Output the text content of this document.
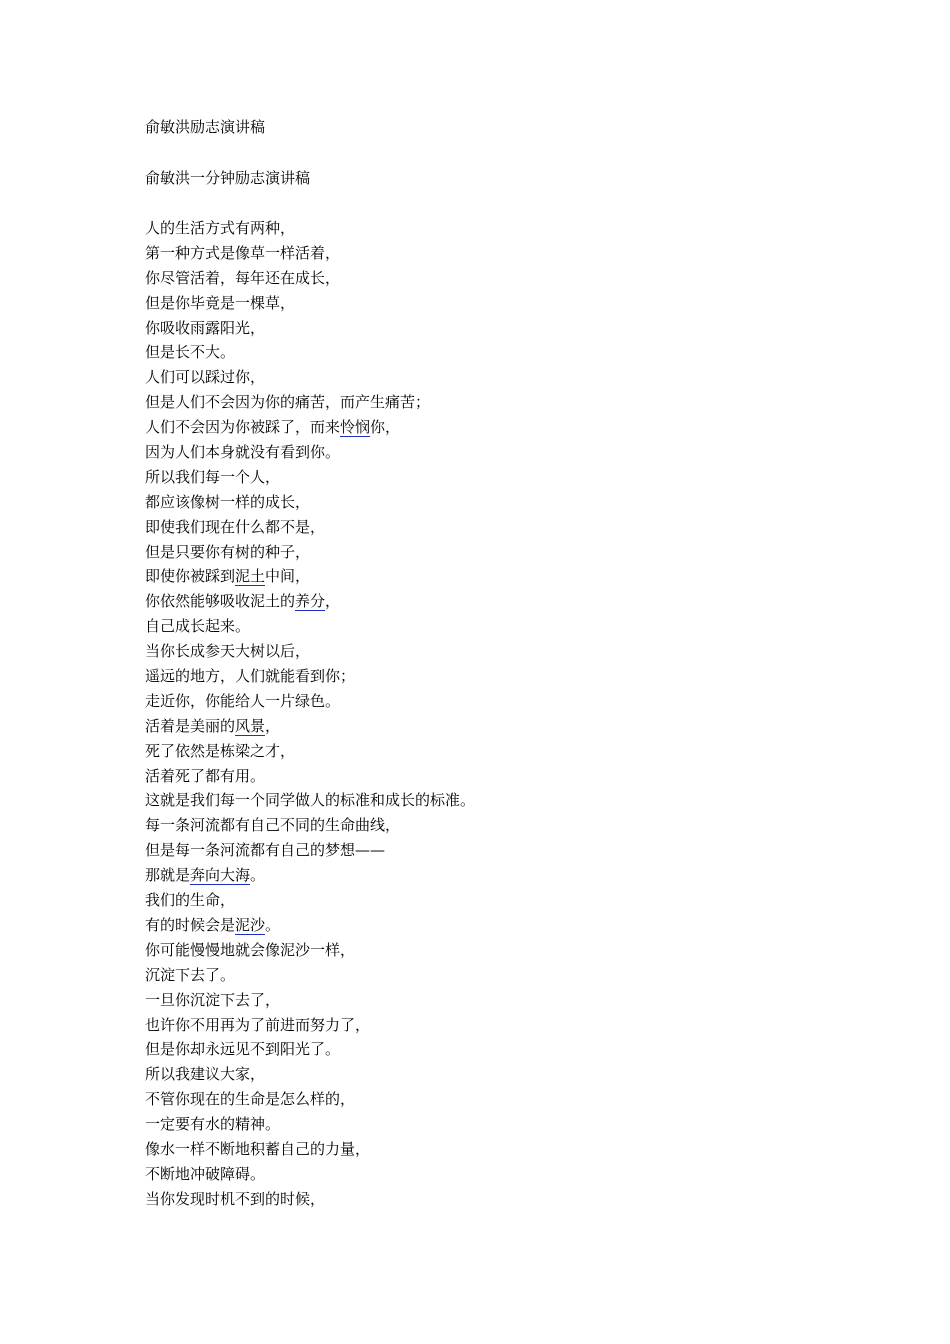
俞敏洪励志演讲稿
俞敏洪一分钟励志演讲稿
人的生活方式有两种，
第一种方式是像草一样活着，
你尽管活着，每年还在成长，
但是你毕竟是一棵草，
你吸收雨露阳光，
但是长不大。
人们可以踩过你，
但是人们不会因为你的痛苦，而产生痛苦；
人们不会因为你被踩了，而来怜悯你，
因为人们本身就没有看到你。
所以我们每一个人，
都应该像树一样的成长，
即使我们现在什么都不是，
但是只要你有树的种子，
即使你被踩到泥土中间，
你依然能够吸收泥土的养分，
自己成长起来。
当你长成参天大树以后，
遥远的地方，人们就能看到你；
走近你，你能给人一片绿色。
活着是美丽的风景，
死了依然是栋梁之才，
活着死了都有用。
这就是我们每一个同学做人的标准和成长的标准。
每一条河流都有自己不同的生命曲线，
但是每一条河流都有自己的梦想——
那就是奔向大海。
我们的生命，
有的时候会是泥沙。
你可能慢慢地就会像泥沙一样，
沉淀下去了。
一旦你沉淀下去了，
也许你不用再为了前进而努力了，
但是你却永远见不到阳光了。
所以我建议大家，
不管你现在的生命是怎么样的，
一定要有水的精神。
像水一样不断地积蓄自己的力量，
不断地冲破障碍。
当你发现时机不到的时候，
